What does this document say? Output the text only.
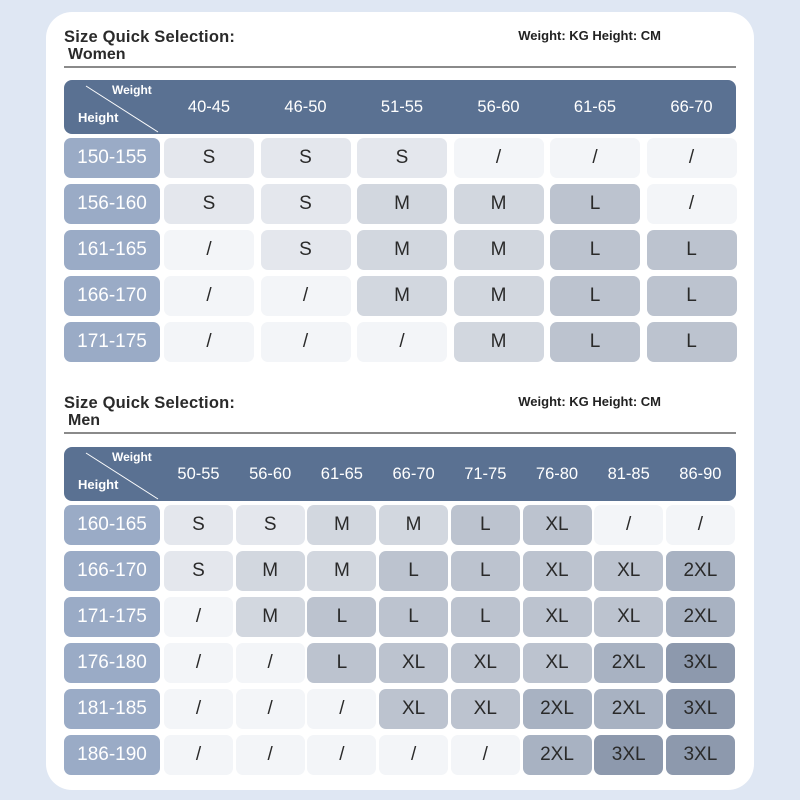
Size Quick Selection:
Women
Weight: KG Height: CM
Weight
Height
40-45	46-50	51-55	56-60	61-65	66-70
150-155	S	S	S	/	/	/
156-160	S	S	M	M	L	/
161-165	/	S	M	M	L	L
166-170	/	/	M	M	L	L
171-175	/	/	/	M	L	L
Size Quick Selection:
Men
Weight: KG Height: CM
Weight
Height
50-55	56-60	61-65	66-70	71-75	76-80	81-85	86-90
160-165	S	S	M	M	L	XL	/	/
166-170	S	M	M	L	L	XL	XL	2XL
171-175	/	M	L	L	L	XL	XL	2XL
176-180	/	/	L	XL	XL	XL	2XL	3XL
181-185	/	/	/	XL	XL	2XL	2XL	3XL
186-190	/	/	/	/	/	2XL	3XL	3XL
